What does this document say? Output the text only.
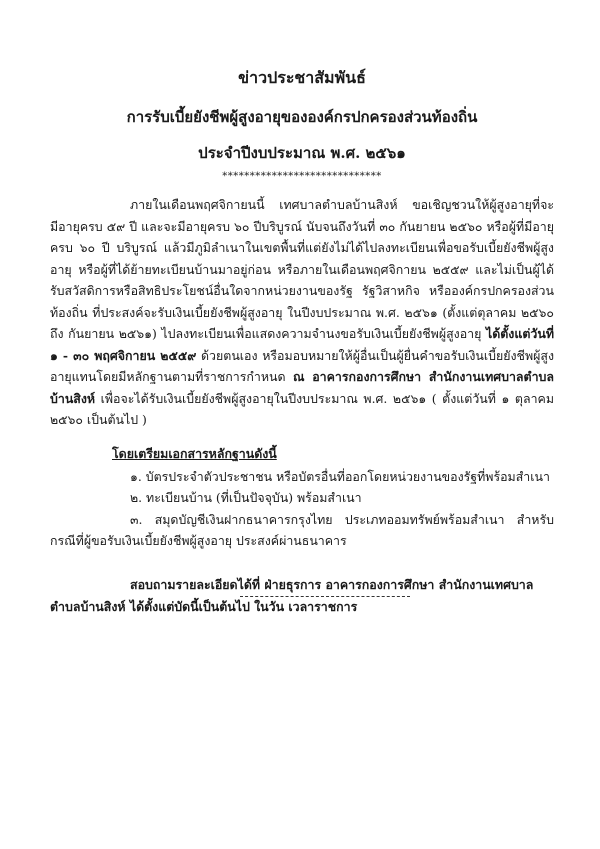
ข่าวประชาสัมพันธ์
การรับเบี้ยยังชีพผู้สูงอายุขององค์กรปกครองส่วนท้องถิ่น
ประจำปีงบประมาณ พ.ศ. ๒๕๖๑
*****************************

ภายในเดือนพฤศจิกายนนี้ เทศบาลตำบลบ้านสิงห์ ขอเชิญชวนให้ผู้สูงอายุที่จะมีอายุครบ ๕๙ ปี และจะมีอายุครบ ๖๐ ปีบริบูรณ์ นับจนถึงวันที่ ๓๐ กันยายน ๒๕๖๐ หรือผู้ที่มีอายุครบ ๖๐ ปี บริบูรณ์ แล้วมีภูมิลำเนาในเขตพื้นที่แต่ยังไม่ได้ไปลงทะเบียนเพื่อขอรับเบี้ยยังชีพผู้สูงอายุ หรือผู้ที่ได้ย้ายทะเบียนบ้านมาอยู่ก่อน หรือภายในเดือนพฤศจิกายน ๒๕๕๙ และไม่เป็นผู้ได้รับสวัสดิการหรือสิทธิประโยชน์อื่นใดจากหน่วยงานของรัฐ รัฐวิสาหกิจ หรือองค์กรปกครองส่วนท้องถิ่น ที่ประสงค์จะรับเงินเบี้ยยังชีพผู้สูงอายุ ในปีงบประมาณ พ.ศ. ๒๕๖๑ (ตั้งแต่ตุลาคม ๒๕๖๐ ถึง กันยายน ๒๕๖๑) ไปลงทะเบียนเพื่อแสดงความจำนงขอรับเงินเบี้ยยังชีพผู้สูงอายุ ได้ตั้งแต่วันที่ ๑ - ๓๐ พฤศจิกายน ๒๕๕๙ ด้วยตนเอง หรือมอบหมายให้ผู้อื่นเป็นผู้ยื่นคำขอรับเงินเบี้ยยังชีพผู้สูงอายุแทนโดยมีหลักฐานตามที่ราชการกำหนด ณ อาคารกองการศึกษา สำนักงานเทศบาลตำบลบ้านสิงห์ เพื่อจะได้รับเงินเบี้ยยังชีพผู้สูงอายุในปีงบประมาณ พ.ศ. ๒๕๖๑ ( ตั้งแต่วันที่ ๑ ตุลาคม ๒๕๖๐ เป็นต้นไป )

โดยเตรียมเอกสารหลักฐานดังนี้
๑. บัตรประจำตัวประชาชน หรือบัตรอื่นที่ออกโดยหน่วยงานของรัฐที่พร้อมสำเนา
๒. ทะเบียนบ้าน (ที่เป็นปัจจุบัน) พร้อมสำเนา

๓. สมุดบัญชีเงินฝากธนาคารกรุงไทย ประเภทออมทรัพย์พร้อมสำเนา สำหรับกรณีที่ผู้ขอรับเงินเบี้ยยังชีพผู้สูงอายุ ประสงค์ผ่านธนาคาร

สอบถามรายละเอียดได้ที่ ฝ่ายธุรการ อาคารกองการศึกษา สำนักงานเทศบาลตำบลบ้านสิงห์ ได้ตั้งแต่บัดนี้เป็นต้นไป ในวัน เวลาราชการ
